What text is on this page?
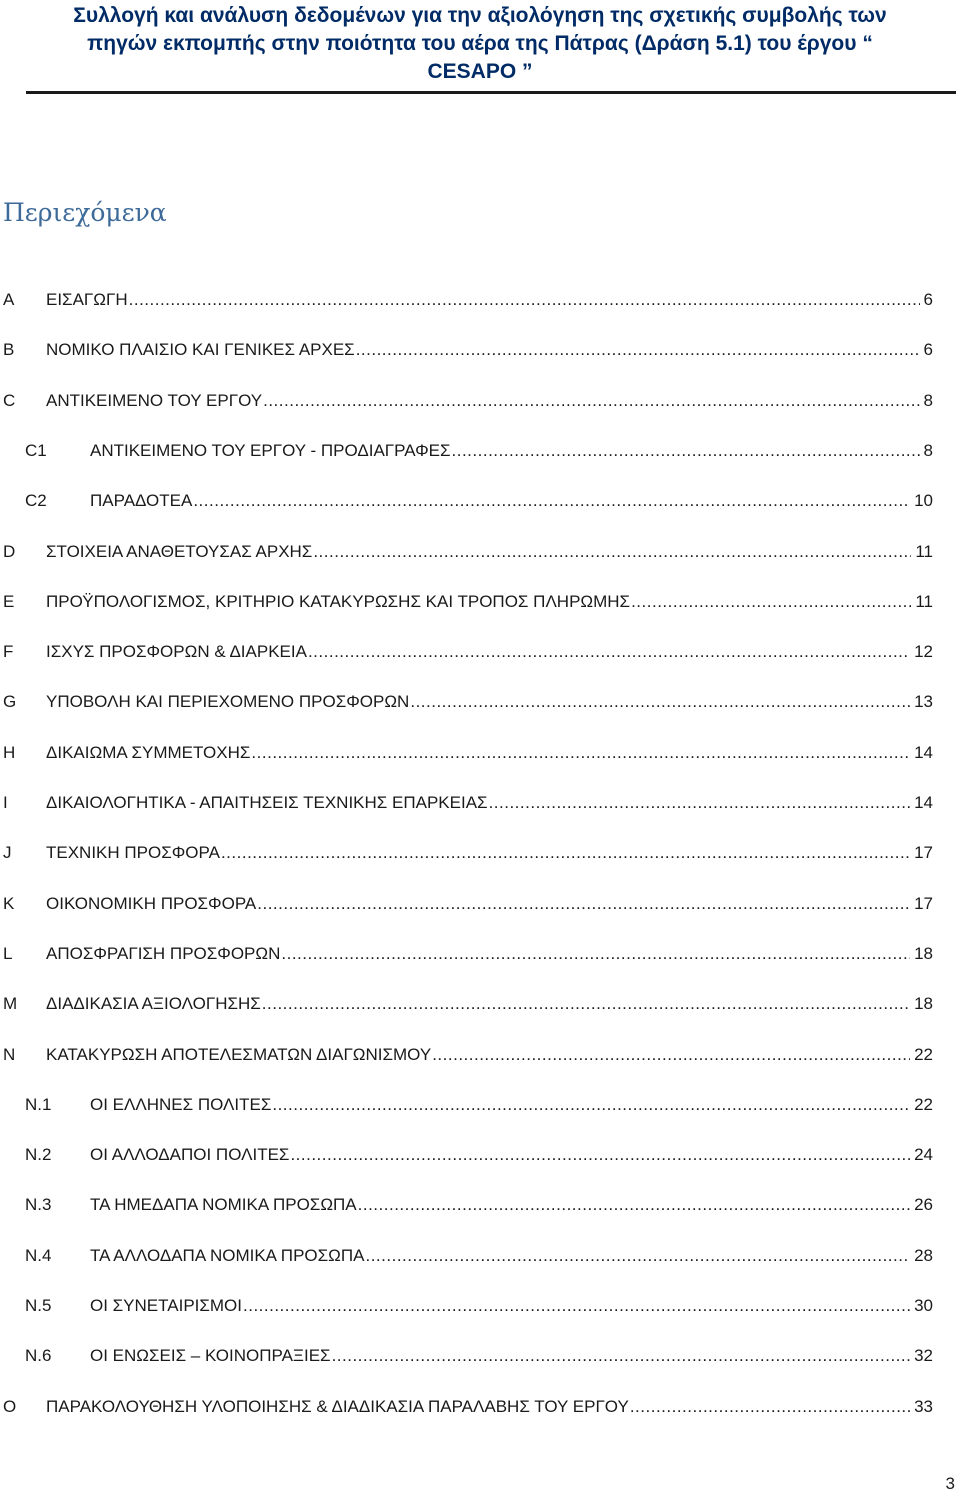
Συλλογή και ανάλυση δεδομένων για την αξιολόγηση της σχετικής συμβολής των
πηγών εκπομπής στην ποιότητα του αέρα της Πάτρας (Δράση 5.1) του έργου “
CESAPO ”
Περιεχόμενα
A ΕΙΣΑΓΩΓΗ .....	6
B ΝΟΜΙΚΟ ΠΛΑΙΣΙΟ ΚΑΙ ΓΕΝΙΚΕΣ ΑΡΧΕΣ .....	6
C ΑΝΤΙΚΕΙΜΕΝΟ ΤΟΥ ΕΡΓΟΥ .....	8
C1	ΑΝΤΙΚΕΙΜΕΝΟ ΤΟΥ ΕΡΓΟΥ - ΠΡΟΔΙΑΓΡΑΦΕΣ .....	8
C2	ΠΑΡΑΔΟΤΕΑ .....	10
D ΣΤΟΙΧΕΙΑ ΑΝΑΘΕΤΟΥΣΑΣ ΑΡΧΗΣ .....	11
E ΠΡΟΫΠΟΛΟΓΙΣΜΟΣ, ΚΡΙΤΗΡΙΟ ΚΑΤΑΚΥΡΩΣΗΣ ΚΑΙ ΤΡΟΠΟΣ ΠΛΗΡΩΜΗΣ .....	11
F ΙΣΧΥΣ ΠΡΟΣΦΟΡΩΝ & ΔΙΑΡΚΕΙΑ .....	12
G ΥΠΟΒΟΛΗ ΚΑΙ ΠΕΡΙΕΧΟΜΕΝΟ ΠΡΟΣΦΟΡΩΝ .....	13
H ΔΙΚΑΙΩΜΑ ΣΥΜΜΕΤΟΧΗΣ .....	14
I ΔΙΚΑΙΟΛΟΓΗΤΙΚΑ - ΑΠΑΙΤΗΣΕΙΣ ΤΕΧΝΙΚΗΣ ΕΠΑΡΚΕΙΑΣ .....	14
J ΤΕΧΝΙΚΗ ΠΡΟΣΦΟΡΑ .....	17
K ΟΙΚΟΝΟΜΙΚΗ ΠΡΟΣΦΟΡΑ .....	17
L ΑΠΟΣΦΡΑΓΙΣΗ ΠΡΟΣΦΟΡΩΝ .....	18
M ΔΙΑΔΙΚΑΣΙΑ ΑΞΙΟΛΟΓΗΣΗΣ .....	18
N ΚΑΤΑΚΥΡΩΣΗ ΑΠΟΤΕΛΕΣΜΑΤΩΝ ΔΙΑΓΩΝΙΣΜΟΥ .....	22
N.1 ΟΙ ΕΛΛΗΝΕΣ ΠΟΛΙΤΕΣ .....	22
N.2 ΟΙ ΑΛΛΟΔΑΠΟΙ ΠΟΛΙΤΕΣ .....	24
N.3 ΤΑ ΗΜΕΔΑΠΑ ΝΟΜΙΚΑ ΠΡΟΣΩΠΑ .....	26
N.4 ΤΑ ΑΛΛΟΔΑΠΑ ΝΟΜΙΚΑ ΠΡΟΣΩΠΑ .....	28
N.5 ΟΙ ΣΥΝΕΤΑΙΡΙΣΜΟΙ .....	30
N.6 ΟΙ ΕΝΩΣΕΙΣ – ΚΟΙΝΟΠΡΑΞΙΕΣ .....	32
O ΠΑΡΑΚΟΛΟΥΘΗΣΗ ΥΛΟΠΟΙΗΣΗΣ & ΔΙΑΔΙΚΑΣΙΑ ΠΑΡΑΛΑΒΗΣ ΤΟΥ ΕΡΓΟΥ .....	33
3
